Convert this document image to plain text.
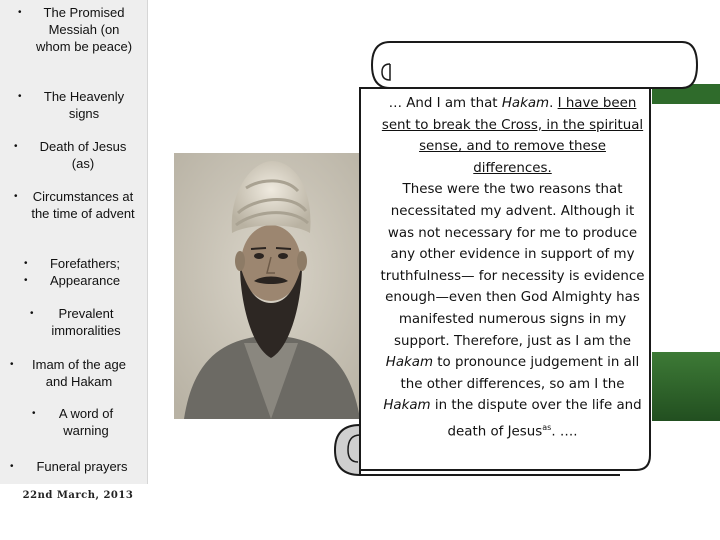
•	The Promised Messiah (on whom be peace)
•	The Heavenly signs
•	Death of Jesus (as)
•	Circumstances at the time of advent
•
•
Forefathers; Appearance
•	Prevalent immoralities
•	Imam of the age and Hakam
•	A word of warning
•	Funeral prayers
22nd March, 2013
… And I am that Hakam. I have been sent to break the Cross, in the spiritual sense, and to remove these differences.
These were the two reasons that necessitated my advent. Although it was not necessary for me to produce any other evidence in support of my truthfulness— for necessity is evidence enough—even then God Almighty has manifested numerous signs in my support. Therefore, just as I am the Hakam to pronounce judgement in all the other differences, so am I the Hakam in the dispute over the life and death of Jesus$^{as}$. ….
